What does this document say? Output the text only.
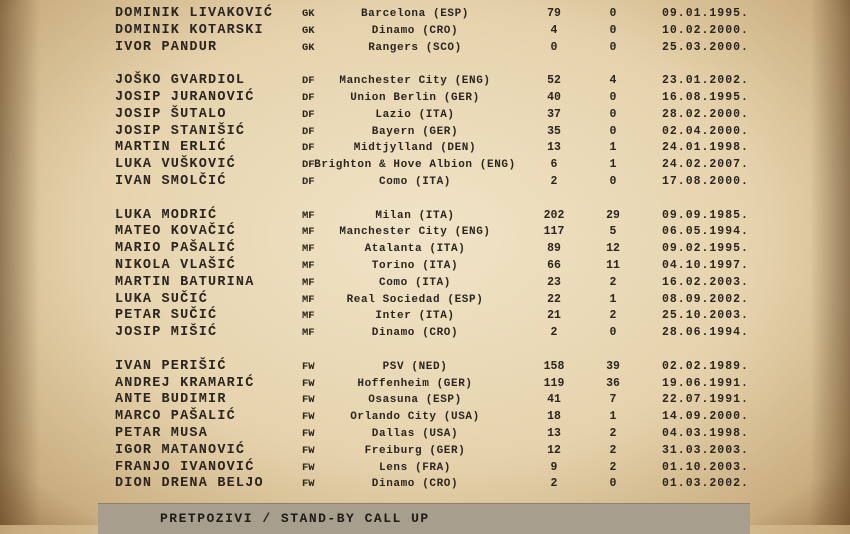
DOMINIK LIVAKOVIĆ	GK	Barcelona (ESP)	79	0	09.01.1995.
DOMINIK KOTARSKI	GK	Dinamo (CRO)	4	0	10.02.2000.
IVOR PANDUR	GK	Rangers (SCO)	0	0	25.03.2000.
JOŠKO GVARDIOL	DF Manchester City (ENG)	52	4	23.01.2002.
JOSIP JURANOVIĆ	DF	Union Berlin (GER)	40	0	16.08.1995.
JOSIP ŠUTALO	DF	Lazio (ITA)	37	0	28.02.2000.
JOSIP STANIŠIĆ	DF	Bayern (GER)	35	0	02.04.2000.
MARTIN ERLIĆ	DF	Midtjylland (DEN)	13	1	24.01.1998.
LUKA VUŠKOVIĆ	DF Brighton & Hove Albion (ENG)	6	1	24.02.2007.
IVAN SMOLČIĆ	DF	Como (ITA)	2	0	17.08.2000.
LUKA MODRIĆ	MF	Milan (ITA)	202	29	09.09.1985.
MATEO KOVAČIĆ	MF Manchester City (ENG)	117	5	06.05.1994.
MARIO PAŠALIĆ	MF	Atalanta (ITA)	89	12	09.02.1995.
NIKOLA VLAŠIĆ	MF	Torino (ITA)	66	11	04.10.1997.
MARTIN BATURINA	MF	Como (ITA)	23	2	16.02.2003.
LUKA SUČIĆ	MF	Real Sociedad (ESP)	22	1	08.09.2002.
PETAR SUČIĆ	MF	Inter (ITA)	21	2	25.10.2003.
JOSIP MIŠIĆ	MF	Dinamo (CRO)	2	0	28.06.1994.
IVAN PERIŠIĆ	FW	PSV (NED)	158	39	02.02.1989.
ANDREJ KRAMARIĆ	FW	Hoffenheim (GER)	119	36	19.06.1991.
ANTE BUDIMIR	FW	Osasuna (ESP)	41	7	22.07.1991.
MARCO PAŠALIĆ	FW	Orlando City (USA)	18	1	14.09.2000.
PETAR MUSA	FW	Dallas (USA)	13	2	04.03.1998.
IGOR MATANOVIĆ	FW	Freiburg (GER)	12	2	31.03.2003.
FRANJO IVANOVIĆ	FW	Lens (FRA)	9	2	01.10.2003.
DION DRENA BELJO	FW	Dinamo (CRO)	2	0	01.03.2002.
PRETPOZIVI / STAND-BY CALL UP
